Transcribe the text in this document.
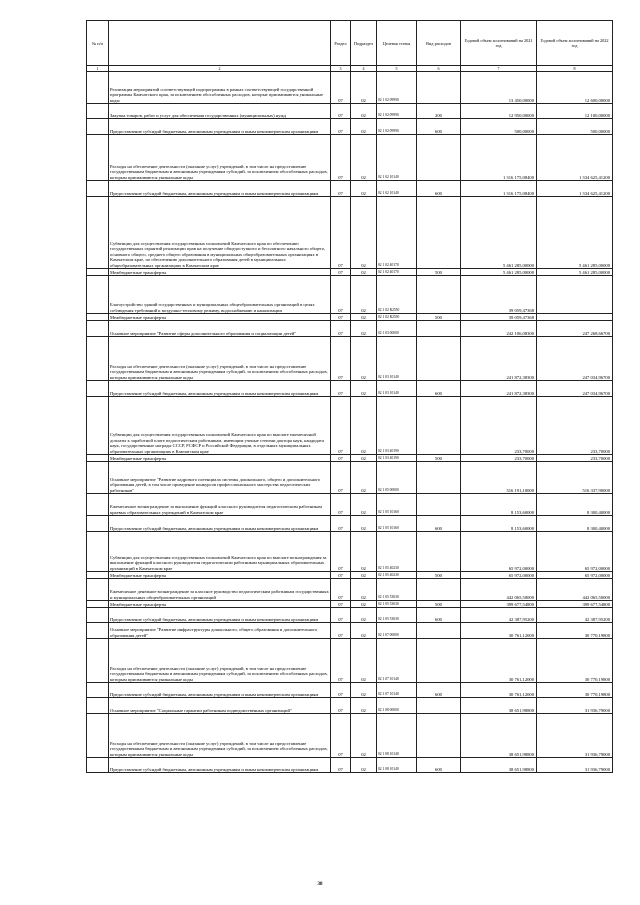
№ п/п		Раздел	Подраздел	Целевая статья	Вид расходов	Годовой объем ассигнований на 2021 год	Годовой объем ассигнований на 2022 год
1	2	3	4	5	6	7	8
	Реализация мероприятий соответствующей подпрограммы в рамках соответствующей государственной программы Камчатского края, за исключением обособленных расходов, которые присваиваются уникальные коды	07	02	02 1 02 09990		13 450,00000	12 600,00000
	Закупка товаров, работ и услуг для обеспечения государственных (муниципальных) нужд	07	02	02 1 02 09990	200	12 950,00000	12 100,00000
	Предоставление субсидий бюджетным, автономным учреждениям и иным некоммерческим организациям	07	02	02 1 02 09990	600	500,00000	500,00000
	Расходы на обеспечение деятельности (оказание услуг) учреждений, в том числе на предоставление государственным бюджетным и автономным учреждениям субсидий, за исключением обособленных расходов, которым присваиваются уникальные коды	07	02	02 1 02 10140		1 316 175,08400	1 334 625,41200
	Предоставление субсидий бюджетным, автономным учреждениям и иным некоммерческим организациям	07	02	02 1 02 10140	600	1 316 175,08400	1 334 625,41200
	Субвенции для осуществления государственных полномочий Камчатского края по обеспечению государственных гарантий реализации прав на получение общедоступного и бесплатного начального общего, основного общего, среднего общего образования в муниципальных общеобразовательных организациях в Камчатском крае, по обеспечению дополнительного образования детей в муниципальных общеобразовательных организациях в Камчатском крае	07	02	02 1 02 40170		5 461 285,00000	5 461 285,00000
	Межбюджетные трансферты	07	02	02 1 02 40170	500	5 461 285,00000	5 461 285,00000
	Благоустройство зданий государственных и муниципальных общеобразовательных организаций в целях соблюдения требований к воздушно-тепловому режиму, водоснабжению и канализации	07	02	02 1 02 R2550		39 059,47368	
	Межбюджетные трансферты	07	02	02 1 02 R2550	500	39 059,47368	
	Основное мероприятие "Развитие сферы дополнительного образования и социализации детей"	07	02	02 1 03 00000		242 106,08300	247 268,66700
	Расходы на обеспечение деятельности (оказание услуг) учреждений, в том числе на предоставление государственным бюджетным и автономным учреждениям субсидий, за исключением обособленных расходов, которым присваиваются уникальные коды	07	02	02 1 03 10140		241 872,38300	247 034,96700
	Предоставление субсидий бюджетным, автономным учреждениям и иным некоммерческим организациям	07	02	02 1 03 10140	600	241 872,38300	247 034,96700
	Субвенции для осуществления государственных полномочий Камчатского края по выплате ежемесячной доплаты к заработной плате педагогическим работникам, имеющим ученые степени доктора наук, кандидата наук, государственные награды СССР, РСФСР и Российской Федерации, в отдельных муниципальных образовательных организациях в Камчатском крае	07	02	02 1 03 40190		233,70000	233,70000
	Межбюджетные трансферты	07	02	02 1 03 40190	500	233,70000	233,70000
	Основное мероприятие "Развитие кадрового потенциала системы дошкольного, общего и дополнительного образования детей, в том числе проведение конкурсов профессионального мастерства педагогических работников"	07	02	02 1 05 00000		516 191,10000	516 337,90000
	Ежемесячное вознаграждение за выполнение функций классного руководителя педагогическим работникам краевых образовательных учреждений в Камчатском крае	07	02	02 1 05 10160		8 153,60000	8 300,40000
	Предоставление субсидий бюджетным, автономным учреждениям и иным некоммерческим организациям	07	02	02 1 05 10160	600	8 153,60000	8 300,40000
	Субвенции для осуществления государственных полномочий Камчатского края по выплате вознаграждения за выполнение функций классного руководителя педагогическим работникам муниципальных образовательных организаций в Камчатском крае	07	02	02 1 05 40230		65 972,00000	65 972,00000
	Межбюджетные трансферты	07	02	02 1 05 40230	500	65 972,00000	65 972,00000
	Ежемесячное денежное вознаграждение за классное руководство педагогическим работникам государственных и муниципальных общеобразовательных организаций	07	02	02 1 05 53030		442 065,50000	442 065,50000
	Межбюджетные трансферты	07	02	02 1 05 53030	500	399 677,54800	399 677,54800
	Предоставление субсидий бюджетным, автономным учреждениям и иным некоммерческим организациям	07	02	02 1 05 53030	600	42 387,95200	42 387,95200
	Основное мероприятие "Развитие инфраструктуры дошкольного, общего образования и дополнительного образования детей"	07	02	02 1 07 00000		30 761,12000	30 770,19800
	Расходы на обеспечение деятельности (оказание услуг) учреждений, в том числе на предоставление государственным бюджетным и автономным учреждениям субсидий, за исключением обособленных расходов, которым присваиваются уникальные коды	07	02	02 1 07 10140		30 761,12000	30 770,19800
	Предоставление субсидий бюджетным, автономным учреждениям и иным некоммерческим организациям	07	02	02 1 07 10140	600	30 761,12000	30 770,19800
	Основное мероприятие "Социальные гарантии работникам подведомственных организаций"	07	02	02 1 08 00000		38 651,98800	31 936,79000
	Расходы на обеспечение деятельности (оказание услуг) учреждений, в том числе на предоставление государственным бюджетным и автономным учреждениям субсидий, за исключением обособленных расходов, которым присваиваются уникальные коды	07	02	02 1 08 10140		38 651,98800	31 936,79000
	Предоставление субсидий бюджетным, автономным учреждениям и иным некоммерческим организациям	07	02	02 1 08 10140	600	38 651,98800	31 936,79000
38
